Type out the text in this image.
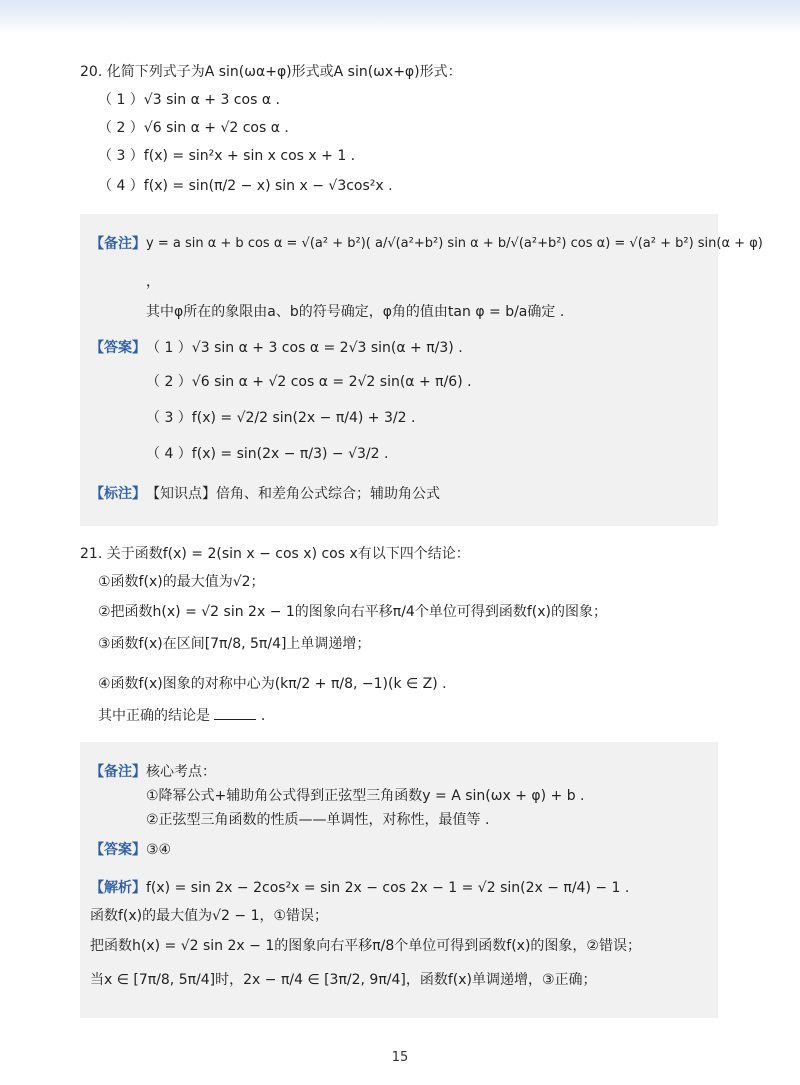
20. 化简下列式子为A sin(ωα+φ)形式或A sin(ωx+φ)形式：
（ 1 ）√3 sin α + 3 cos α .
（ 2 ）√6 sin α + √2 cos α .
（ 3 ）f(x) = sin²x + sin x cos x + 1 .
（ 4 ）f(x) = sin(π/2 − x) sin x − √3cos²x .
【备注】 y = a sin α + b cos α = √(a² + b²)( a/√(a²+b²) sin α + b/√(a²+b²) cos α) = √(a² + b²) sin(α + φ)
，
其中φ所在的象限由a、b的符号确定，φ角的值由tan φ = b/a确定 .
【答案】 （ 1 ）√3 sin α + 3 cos α = 2√3 sin(α + π/3) .
（ 2 ）√6 sin α + √2 cos α = 2√2 sin(α + π/6) .
（ 3 ）f(x) = √2/2 sin(2x − π/4) + 3/2 .
（ 4 ）f(x) = sin(2x − π/3) − √3/2 .
【标注】 【知识点】倍角、和差角公式综合；辅助角公式
21. 关于函数f(x) = 2(sin x − cos x) cos x有以下四个结论：
①函数f(x)的最大值为√2；
②把函数h(x) = √2 sin 2x − 1的图象向右平移π/4个单位可得到函数f(x)的图象；
③函数f(x)在区间[7π/8, 5π/4]上单调递增；
④函数f(x)图象的对称中心为(kπ/2 + π/8, −1)(k ∈ Z) .
其中正确的结论是	.
【备注】 核心考点：
①降幂公式+辅助角公式得到正弦型三角函数y = A sin(ωx + φ) + b .
②正弦型三角函数的性质——单调性，对称性，最值等 .
【答案】 ③④
【解析】 f(x) = sin 2x − 2cos²x = sin 2x − cos 2x − 1 = √2 sin(2x − π/4) − 1 .
函数f(x)的最大值为√2 − 1，①错误；
把函数h(x) = √2 sin 2x − 1的图象向右平移π/8个单位可得到函数f(x)的图象，②错误；
当x ∈ [7π/8, 5π/4]时，2x − π/4 ∈ [3π/2, 9π/4]，函数f(x)单调递增，③正确；
15
